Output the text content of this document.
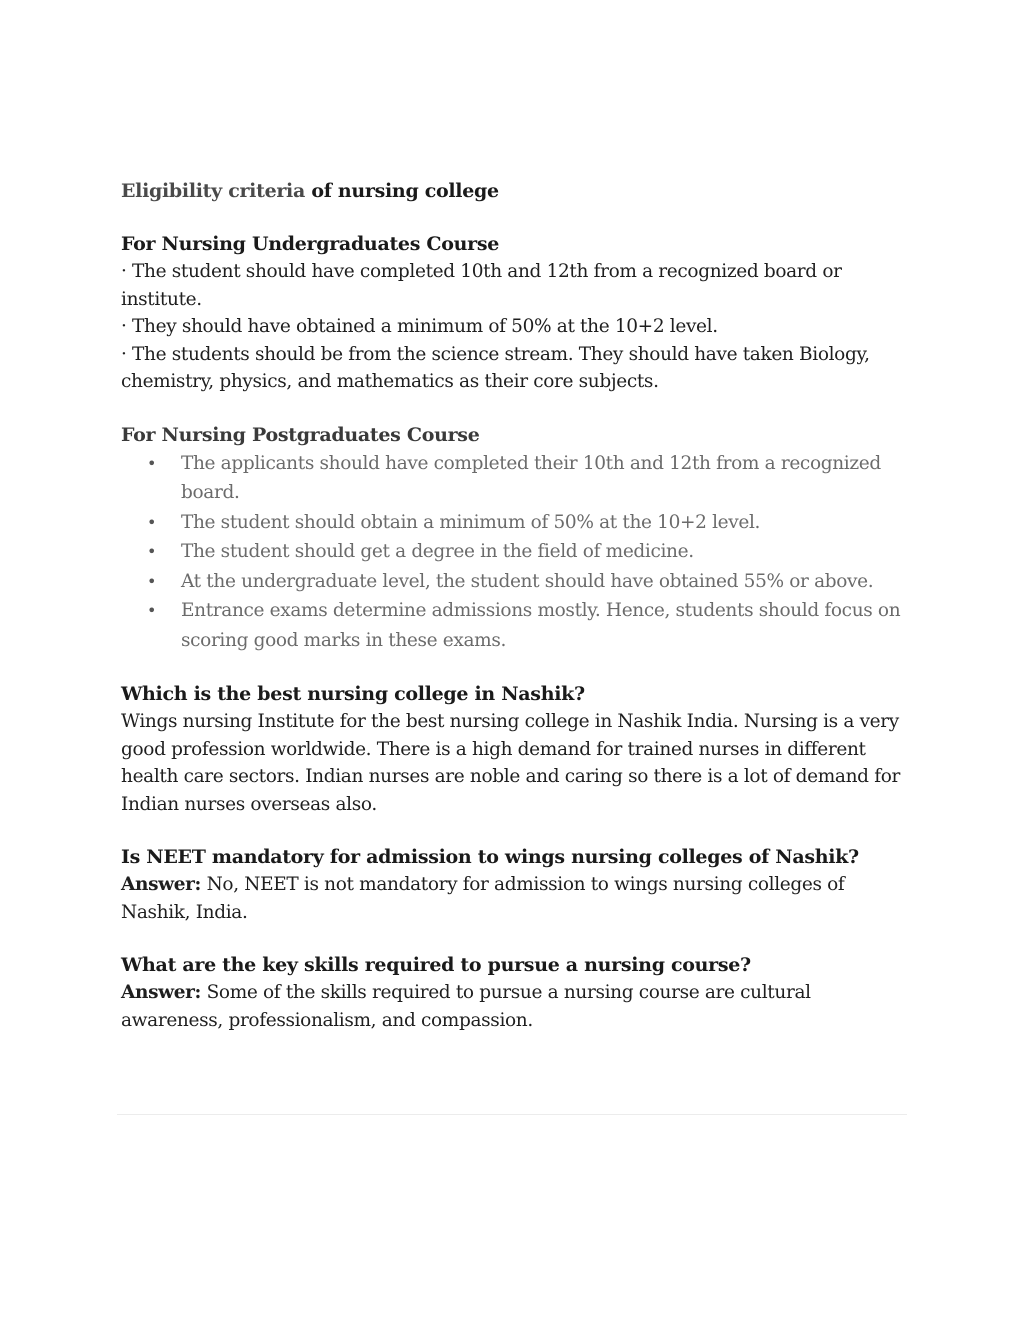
Eligibility criteria of nursing college

For Nursing Undergraduates Course

· The student should have completed 10th and 12th from a recognized board or institute.

· They should have obtained a minimum of 50% at the 10+2 level.

· The students should be from the science stream. They should have taken Biology, chemistry, physics, and mathematics as their core subjects.

For Nursing Postgraduates Course

• The applicants should have completed their 10th and 12th from a recognized board.
• The student should obtain a minimum of 50% at the 10+2 level.
• The student should get a degree in the field of medicine.
• At the undergraduate level, the student should have obtained 55% or above.
• Entrance exams determine admissions mostly. Hence, students should focus on scoring good marks in these exams.

Which is the best nursing college in Nashik?

Wings nursing Institute for the best nursing college in Nashik India. Nursing is a very good profession worldwide. There is a high demand for trained nurses in different health care sectors. Indian nurses are noble and caring so there is a lot of demand for Indian nurses overseas also.

Is NEET mandatory for admission to wings nursing colleges of Nashik?

Answer: No, NEET is not mandatory for admission to wings nursing colleges of Nashik, India.

What are the key skills required to pursue a nursing course?

Answer: Some of the skills required to pursue a nursing course are cultural awareness, professionalism, and compassion.
